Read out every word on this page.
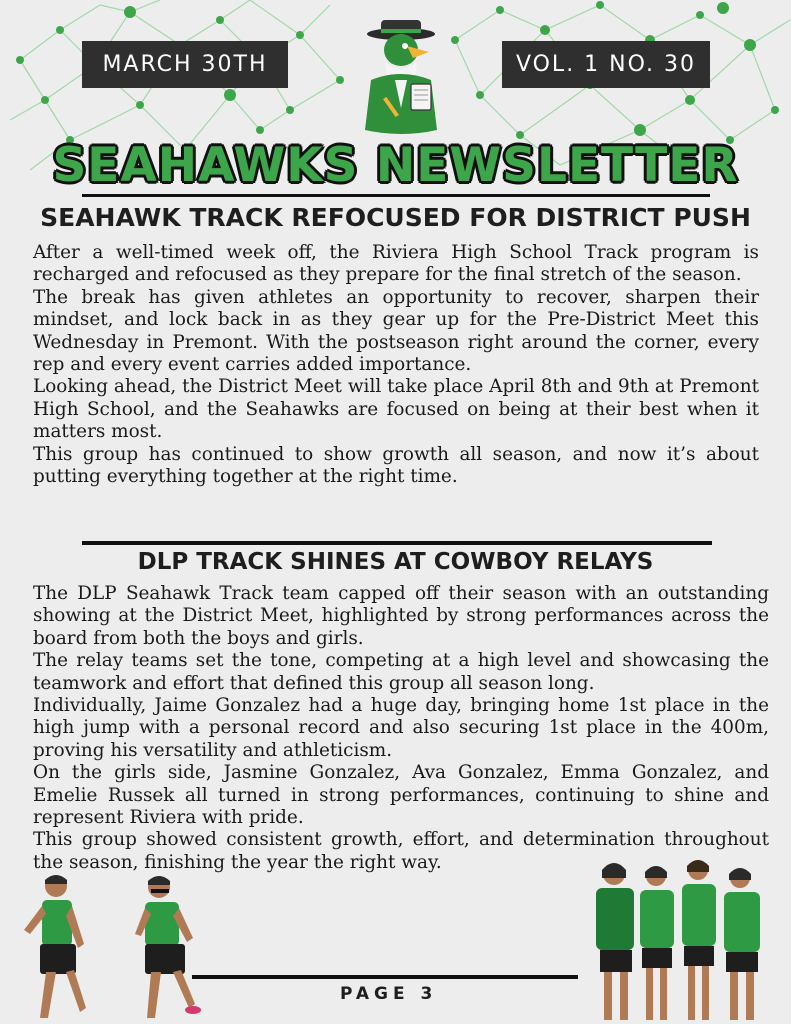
MARCH 30TH	VOL. 1 NO. 30
SEAHAWKS NEWSLETTER
SEAHAWK TRACK REFOCUSED FOR DISTRICT PUSH

After a well-timed week off, the Riviera High School Track program is recharged and refocused as they prepare for the final stretch of the season.

The break has given athletes an opportunity to recover, sharpen their mindset, and lock back in as they gear up for the Pre-District Meet this Wednesday in Premont. With the postseason right around the corner, every rep and every event carries added importance.

Looking ahead, the District Meet will take place April 8th and 9th at Premont High School, and the Seahawks are focused on being at their best when it matters most.

This group has continued to show growth all season, and now it’s about putting everything together at the right time.

DLP TRACK SHINES AT COWBOY RELAYS

The DLP Seahawk Track team capped off their season with an outstanding showing at the District Meet, highlighted by strong performances across the board from both the boys and girls.

The relay teams set the tone, competing at a high level and showcasing the teamwork and effort that defined this group all season long.

Individually, Jaime Gonzalez had a huge day, bringing home 1st place in the high jump with a personal record and also securing 1st place in the 400m, proving his versatility and athleticism.

On the girls side, Jasmine Gonzalez, Ava Gonzalez, Emma Gonzalez, and Emelie Russek all turned in strong performances, continuing to shine and represent Riviera with pride.

This group showed consistent growth, effort, and determination throughout the season, finishing the year the right way.

PAGE 3
